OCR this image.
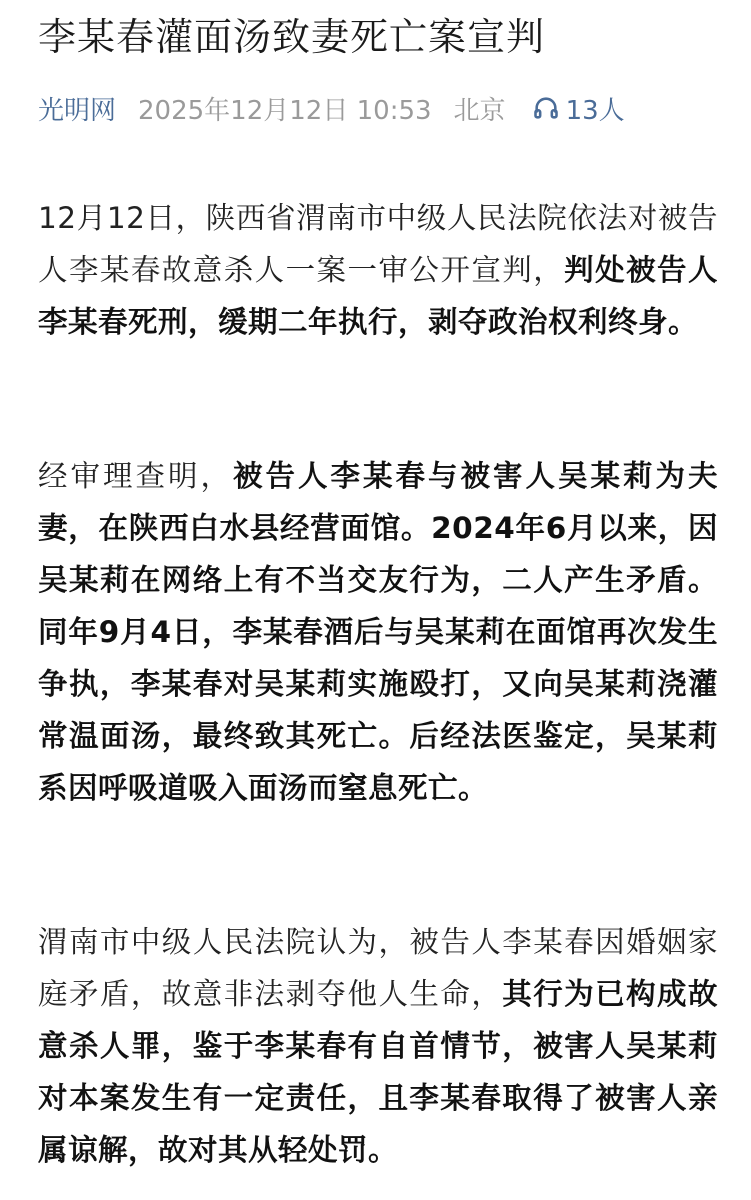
李某春灌面汤致妻死亡案宣判
光明网 2025年12月12日 10:53 北京 13人

12月12日，陕西省渭南市中级人民法院依法对被告人李某春故意杀人一案一审公开宣判，判处被告人李某春死刑，缓期二年执行，剥夺政治权利终身。

经审理查明，被告人李某春与被害人吴某莉为夫妻，在陕西白水县经营面馆。2024年6月以来，因吴某莉在网络上有不当交友行为，二人产生矛盾。同年9月4日，李某春酒后与吴某莉在面馆再次发生争执，李某春对吴某莉实施殴打，又向吴某莉浇灌常温面汤，最终致其死亡。后经法医鉴定，吴某莉系因呼吸道吸入面汤而窒息死亡。

渭南市中级人民法院认为，被告人李某春因婚姻家庭矛盾，故意非法剥夺他人生命，其行为已构成故意杀人罪，鉴于李某春有自首情节，被害人吴某莉对本案发生有一定责任，且李某春取得了被害人亲属谅解，故对其从轻处罚。
